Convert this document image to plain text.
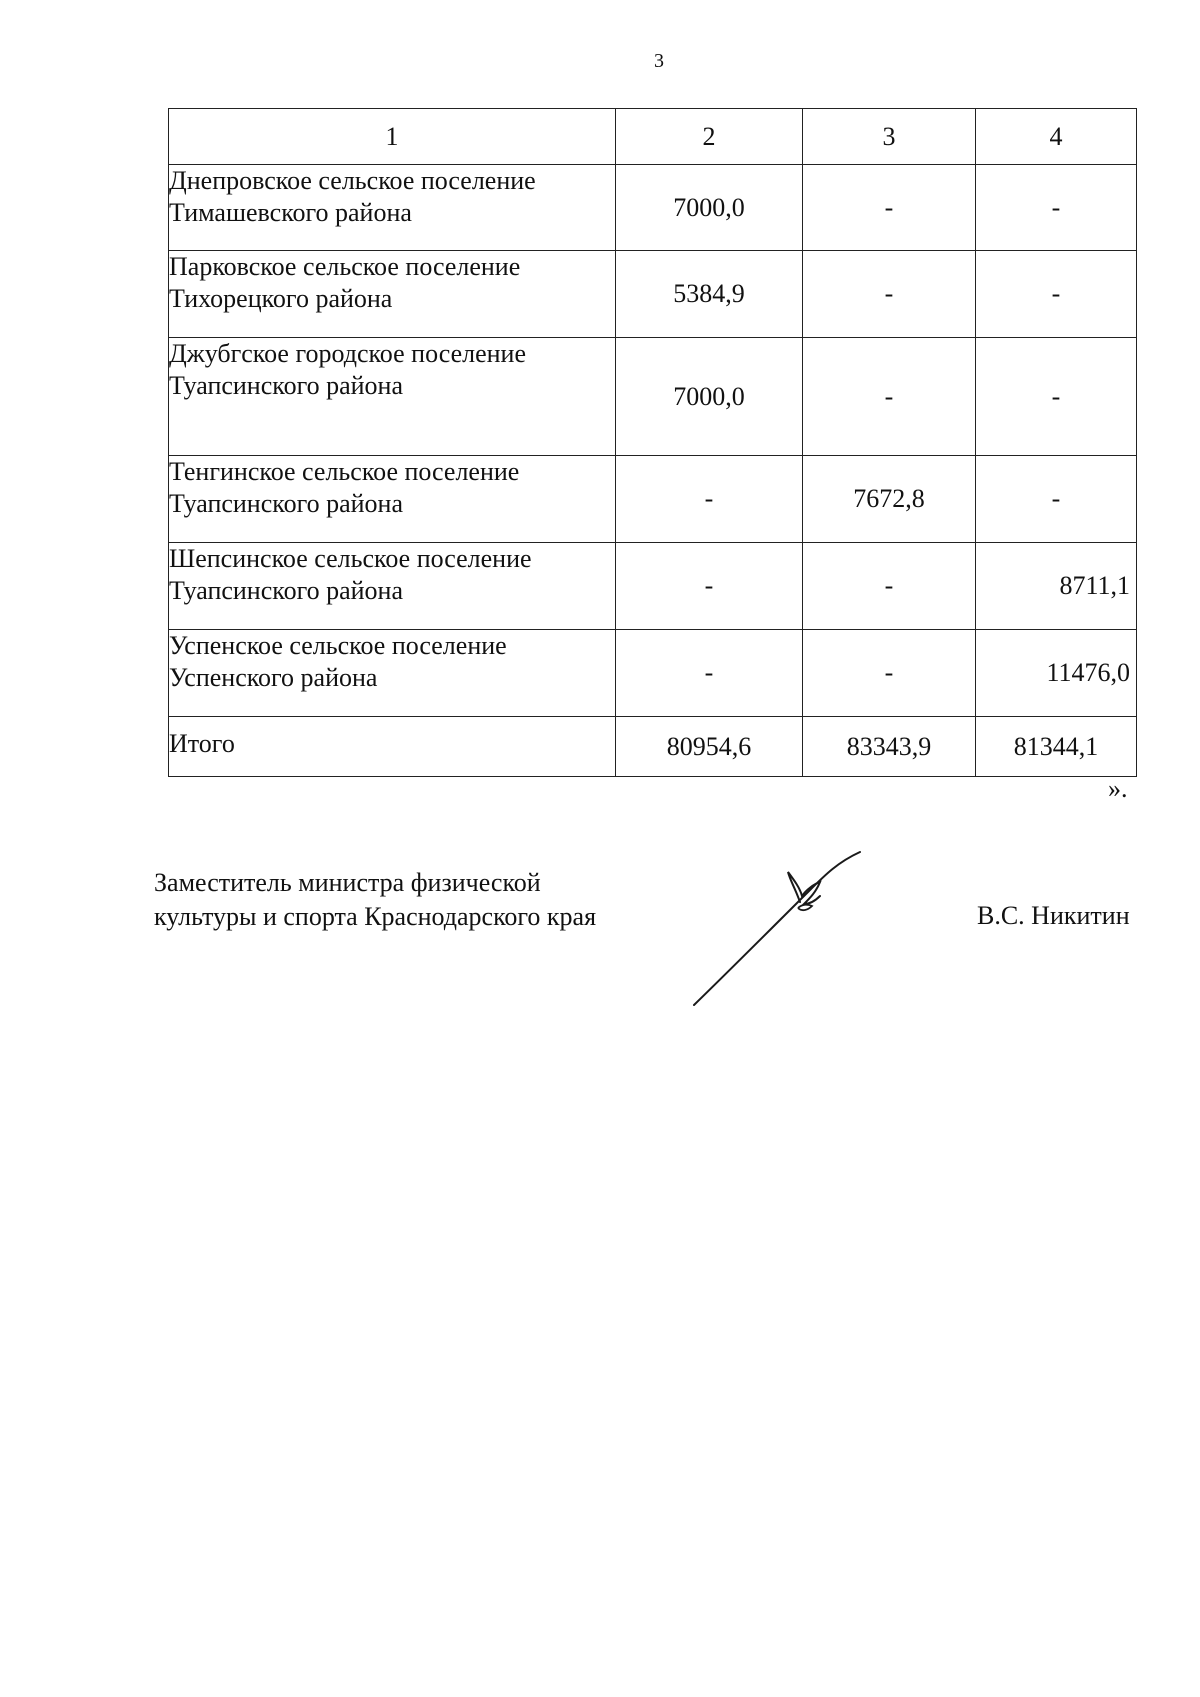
3
1	2	3	4

Днепровское сельское поселение
Тимашевского района	7000,0	-	-

Парковское сельское поселение
Тихорецкого района	5384,9	-	-

Джубгское городское поселение
Туапсинского района	7000,0	-	-

Тенгинское сельское поселение
Туапсинского района	-	7672,8	-

Шепсинское сельское поселение
Туапсинского района	-	-	8711,1

Успенское сельское поселение
Успенского района	-	-	11476,0
Итого	80954,6	83343,9	81344,1
».
Заместитель министра физической
культуры и спорта Краснодарского края	В.С. Никитин
